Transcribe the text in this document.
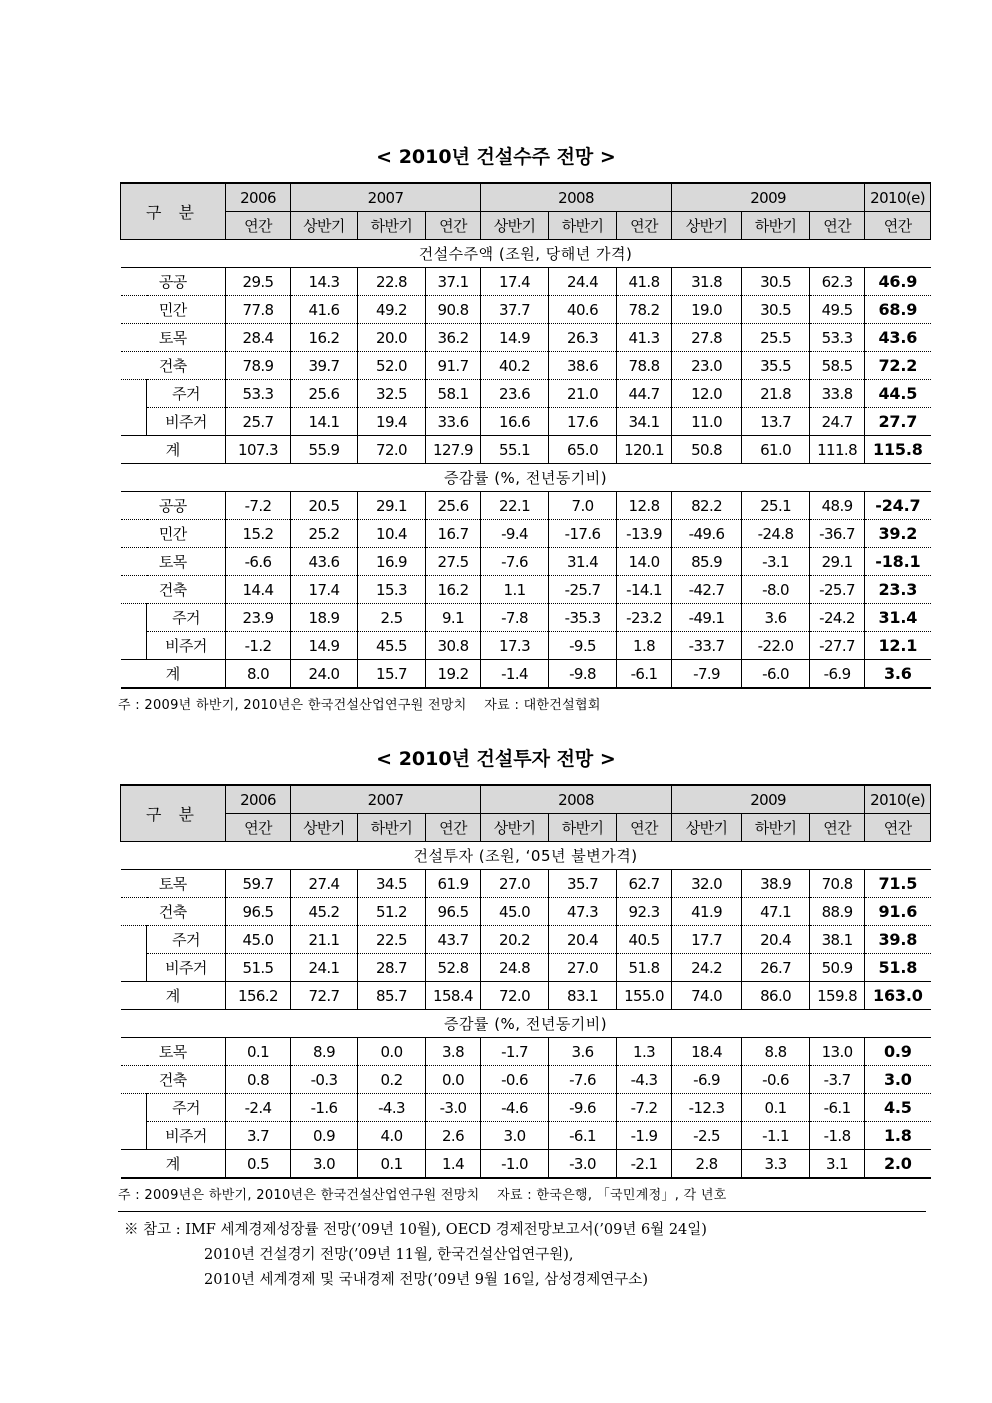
< 2010년 건설수주 전망 >
구 분		2006	2007			2008			2009			2010(e)
		연간	상반기	하반기	연간	상반기	하반기	연간	상반기	하반기	연간	연간
건설수주액 (조원, 당해년 가격)												
공공		29.5	14.3	22.8	37.1	17.4	24.4	41.8	31.8	30.5	62.3	46.9
민간		77.8	41.6	49.2	90.8	37.7	40.6	78.2	19.0	30.5	49.5	68.9
토목		28.4	16.2	20.0	36.2	14.9	26.3	41.3	27.8	25.5	53.3	43.6
건축		78.9	39.7	52.0	91.7	40.2	38.6	78.8	23.0	35.5	58.5	72.2
	주거	53.3	25.6	32.5	58.1	23.6	21.0	44.7	12.0	21.8	33.8	44.5
	비주거	25.7	14.1	19.4	33.6	16.6	17.6	34.1	11.0	13.7	24.7	27.7
계		107.3	55.9	72.0	127.9	55.1	65.0	120.1	50.8	61.0	111.8	115.8
증감률 (%, 전년동기비)												
공공		-7.2	20.5	29.1	25.6	22.1	7.0	12.8	82.2	25.1	48.9	-24.7
민간		15.2	25.2	10.4	16.7	-9.4	-17.6	-13.9	-49.6	-24.8	-36.7	39.2
토목		-6.6	43.6	16.9	27.5	-7.6	31.4	14.0	85.9	-3.1	29.1	-18.1
건축		14.4	17.4	15.3	16.2	1.1	-25.7	-14.1	-42.7	-8.0	-25.7	23.3
	주거	23.9	18.9	2.5	9.1	-7.8	-35.3	-23.2	-49.1	3.6	-24.2	31.4
	비주거	-1.2	14.9	45.5	30.8	17.3	-9.5	1.8	-33.7	-22.0	-27.7	12.1
계		8.0	24.0	15.7	19.2	-1.4	-9.8	-6.1	-7.9	-6.0	-6.9	3.6
주 : 2009년 하반기, 2010년은 한국건설산업연구원 전망치    자료 : 대한건설협회
< 2010년 건설투자 전망 >
구 분		2006	2007			2008			2009			2010(e)
		연간	상반기	하반기	연간	상반기	하반기	연간	상반기	하반기	연간	연간
건설투자 (조원, ‘05년 불변가격)												
토목		59.7	27.4	34.5	61.9	27.0	35.7	62.7	32.0	38.9	70.8	71.5
건축		96.5	45.2	51.2	96.5	45.0	47.3	92.3	41.9	47.1	88.9	91.6
	주거	45.0	21.1	22.5	43.7	20.2	20.4	40.5	17.7	20.4	38.1	39.8
	비주거	51.5	24.1	28.7	52.8	24.8	27.0	51.8	24.2	26.7	50.9	51.8
계		156.2	72.7	85.7	158.4	72.0	83.1	155.0	74.0	86.0	159.8	163.0
증감률 (%, 전년동기비)												
토목		0.1	8.9	0.0	3.8	-1.7	3.6	1.3	18.4	8.8	13.0	0.9
건축		0.8	-0.3	0.2	0.0	-0.6	-7.6	-4.3	-6.9	-0.6	-3.7	3.0
	주거	-2.4	-1.6	-4.3	-3.0	-4.6	-9.6	-7.2	-12.3	0.1	-6.1	4.5
	비주거	3.7	0.9	4.0	2.6	3.0	-6.1	-1.9	-2.5	-1.1	-1.8	1.8
계		0.5	3.0	0.1	1.4	-1.0	-3.0	-2.1	2.8	3.3	3.1	2.0
주 : 2009년은 하반기, 2010년은 한국건설산업연구원 전망치    자료 : 한국은행, 「국민계정」, 각 년호
※ 참고 : IMF 세계경제성장률 전망(’09년 10월), OECD 경제전망보고서(’09년 6월 24일)
2010년 건설경기 전망(’09년 11월, 한국건설산업연구원),
2010년 세계경제 및 국내경제 전망(’09년 9월 16일, 삼성경제연구소)
